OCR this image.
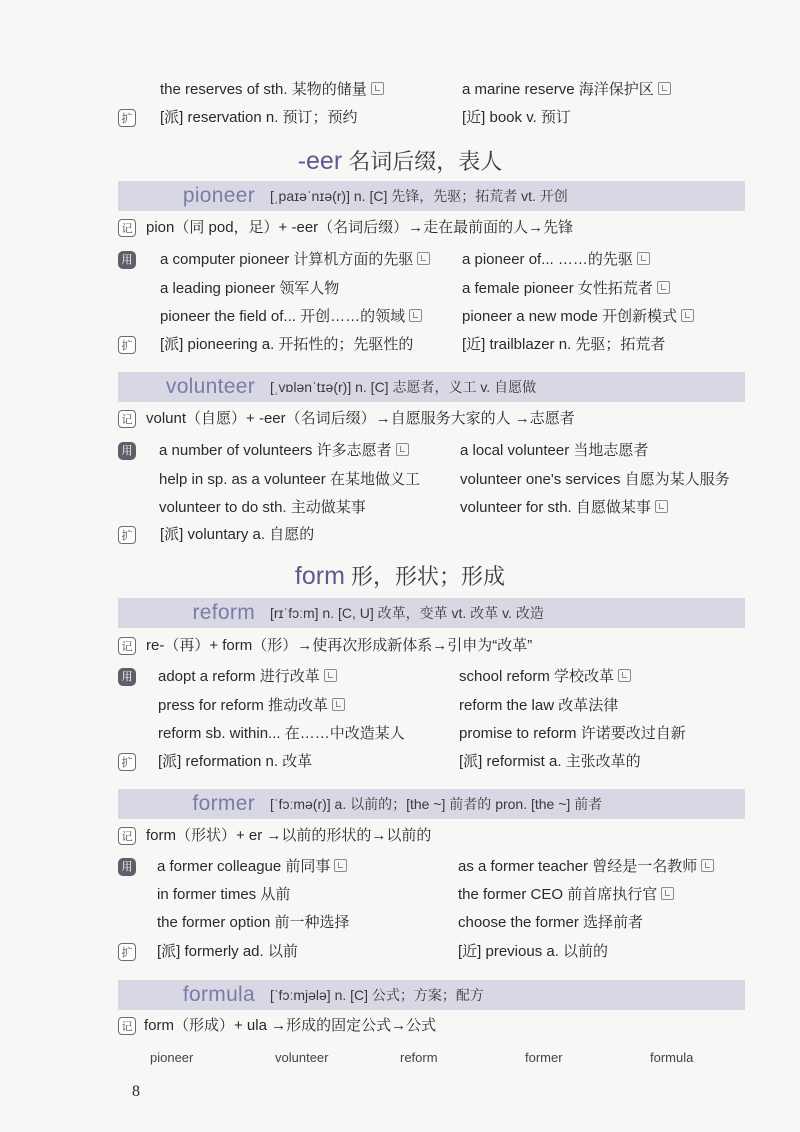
the reserves of sth. 某物的储量	a marine reserve 海洋保护区
扩 [派] reservation n. 预订；预约	[近] book v. 预订
-eer 名词后缀，表人
pioneer [ˌpaɪəˈnɪə(r)] n. [C] 先锋，先驱；拓荒者 vt. 开创
记 pion（同 pod，足）+ -eer（名词后缀）→走在最前面的人→先锋
用 a computer pioneer 计算机方面的先驱	a pioneer of... ……的先驱
a leading pioneer 领军人物	a female pioneer 女性拓荒者
pioneer the field of... 开创……的领域	pioneer a new mode 开创新模式
扩 [派] pioneering a. 开拓性的；先驱性的	[近] trailblazer n. 先驱；拓荒者
volunteer [ˌvɒlənˈtɪə(r)] n. [C] 志愿者，义工 v. 自愿做
记 volunt（自愿）+ -eer（名词后缀）→自愿服务大家的人 →志愿者
用 a number of volunteers 许多志愿者	a local volunteer 当地志愿者
help in sp. as a volunteer 在某地做义工	volunteer one's services 自愿为某人服务
volunteer to do sth. 主动做某事	volunteer for sth. 自愿做某事
扩 [派] voluntary a. 自愿的
form 形，形状；形成
reform [rɪˈfɔːm] n. [C, U] 改革，变革 vt. 改革 v. 改造
记 re-（再）+ form（形）→使再次形成新体系→引申为“改革”
用 adopt a reform 进行改革	school reform 学校改革
press for reform 推动改革	reform the law 改革法律
reform sb. within... 在……中改造某人	promise to reform 许诺要改过自新
扩 [派] reformation n. 改革	[派] reformist a. 主张改革的
former [ˈfɔːmə(r)] a. 以前的；[the ~] 前者的 pron. [the ~] 前者
记 form（形状）+ er →以前的形状的→以前的
用 a former colleague 前同事	as a former teacher 曾经是一名教师
in former times 从前	the former CEO 前首席执行官
the former option 前一种选择	choose the former 选择前者
扩 [派] formerly ad. 以前	[近] previous a. 以前的
formula [ˈfɔːmjələ] n. [C] 公式；方案；配方
记 form（形成）+ ula →形成的固定公式→公式
pioneer	volunteer	reform	former	formula
8
